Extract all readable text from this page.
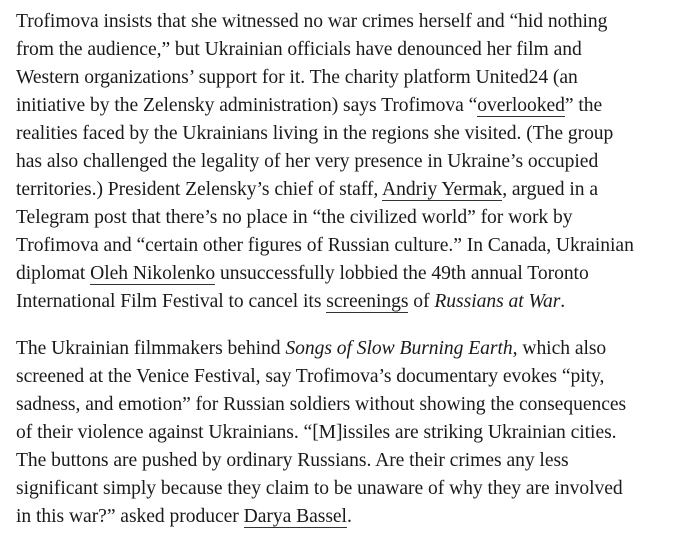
Trofimova insists that she witnessed no war crimes herself and “hid nothing
from the audience,” but Ukrainian officials have denounced her film and
Western organizations’ support for it. The charity platform United24 (an
initiative by the Zelensky administration) says Trofimova “overlooked” the
realities faced by the Ukrainians living in the regions she visited. (The group
has also challenged the legality of her very presence in Ukraine’s occupied
territories.) President Zelensky’s chief of staff, Andriy Yermak, argued in a
Telegram post that there’s no place in “the civilized world” for work by
Trofimova and “certain other figures of Russian culture.” In Canada, Ukrainian
diplomat Oleh Nikolenko unsuccessfully lobbied the 49th annual Toronto
International Film Festival to cancel its screenings of Russians at War.
The Ukrainian filmmakers behind Songs of Slow Burning Earth, which also
screened at the Venice Festival, say Trofimova’s documentary evokes “pity,
sadness, and emotion” for Russian soldiers without showing the consequences
of their violence against Ukrainians. “[M]issiles are striking Ukrainian cities.
The buttons are pushed by ordinary Russians. Are their crimes any less
significant simply because they claim to be unaware of why they are involved
in this war?” asked producer Darya Bassel.
